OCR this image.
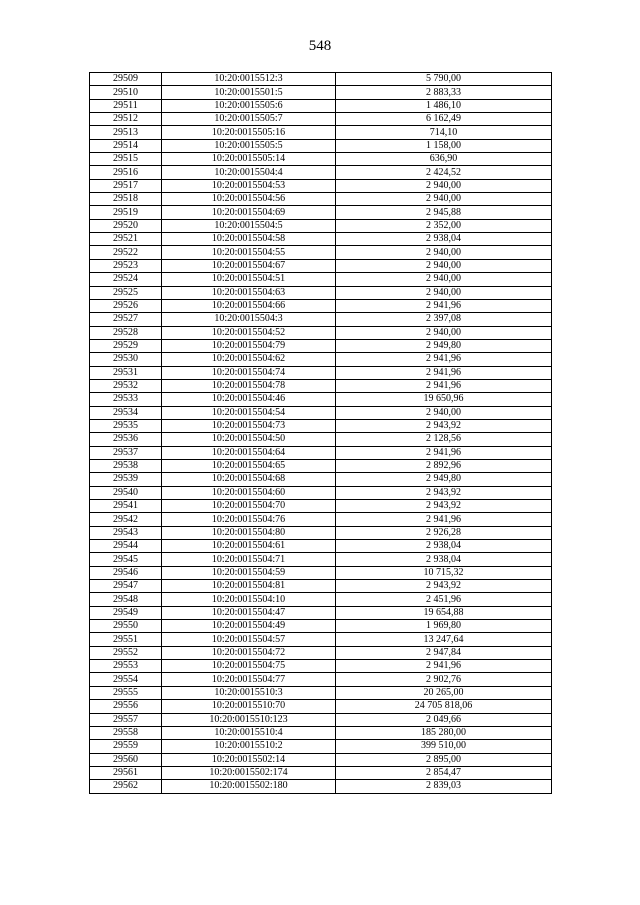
548
29509	10:20:0015512:3	5 790,00
29510	10:20:0015501:5	2 883,33
29511	10:20:0015505:6	1 486,10
29512	10:20:0015505:7	6 162,49
29513	10:20:0015505:16	714,10
29514	10:20:0015505:5	1 158,00
29515	10:20:0015505:14	636,90
29516	10:20:0015504:4	2 424,52
29517	10:20:0015504:53	2 940,00
29518	10:20:0015504:56	2 940,00
29519	10:20:0015504:69	2 945,88
29520	10:20:0015504:5	2 352,00
29521	10:20:0015504:58	2 938,04
29522	10:20:0015504:55	2 940,00
29523	10:20:0015504:67	2 940,00
29524	10:20:0015504:51	2 940,00
29525	10:20:0015504:63	2 940,00
29526	10:20:0015504:66	2 941,96
29527	10:20:0015504:3	2 397,08
29528	10:20:0015504:52	2 940,00
29529	10:20:0015504:79	2 949,80
29530	10:20:0015504:62	2 941,96
29531	10:20:0015504:74	2 941,96
29532	10:20:0015504:78	2 941,96
29533	10:20:0015504:46	19 650,96
29534	10:20:0015504:54	2 940,00
29535	10:20:0015504:73	2 943,92
29536	10:20:0015504:50	2 128,56
29537	10:20:0015504:64	2 941,96
29538	10:20:0015504:65	2 892,96
29539	10:20:0015504:68	2 949,80
29540	10:20:0015504:60	2 943,92
29541	10:20:0015504:70	2 943,92
29542	10:20:0015504:76	2 941,96
29543	10:20:0015504:80	2 926,28
29544	10:20:0015504:61	2 938,04
29545	10:20:0015504:71	2 938,04
29546	10:20:0015504:59	10 715,32
29547	10:20:0015504:81	2 943,92
29548	10:20:0015504:10	2 451,96
29549	10:20:0015504:47	19 654,88
29550	10:20:0015504:49	1 969,80
29551	10:20:0015504:57	13 247,64
29552	10:20:0015504:72	2 947,84
29553	10:20:0015504:75	2 941,96
29554	10:20:0015504:77	2 902,76
29555	10:20:0015510:3	20 265,00
29556	10:20:0015510:70	24 705 818,06
29557	10:20:0015510:123	2 049,66
29558	10:20:0015510:4	185 280,00
29559	10:20:0015510:2	399 510,00
29560	10:20:0015502:14	2 895,00
29561	10:20:0015502:174	2 854,47
29562	10:20:0015502:180	2 839,03
